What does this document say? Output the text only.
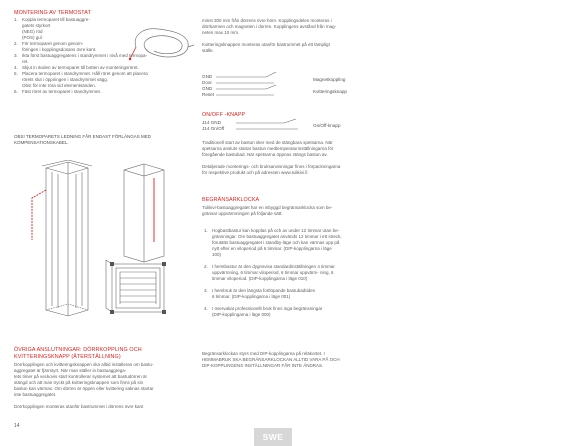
MONTERING AV TERMOSTAT
1. Koppla termoparet till bastuaggre-
gatets styrkort
(NEG) röd
(POS) gul
2. För termoparet genom genom-
föringen i kopplingsdosans övre kant.
3. Ikta först bastuaggregatens i standrymmet i nivå med termopa-
ret.
4. Skjut in änden av termoparet till botten av monteringsröret.
5. Placera termoparet i standrymmet. Håll röret genom att placera
rörets slut i öppningen i standrymmet vägg.
Obs! för inte röra vid elementsänden.
6. Fäst röret av termoparet i standrymmet.
OBS! TERMOPARETS LEDNING FÅR ENDAST FÖRLÄNGAS MED KOMPENSATIONSKABEL.
ÖVRIGA ANSLUTNINGAR: DÖRRKOPPLING OCH
KVITTERINGSKNAPP (ÅTERSTÄLLNING)
Dörrkopplingen och kvitteringsknappen ska alltid installeras om bastu-
aggregatet är fjärrstyrt. När man ställer in bastuaggrega-
tets timer på veckovis start kontrollerar systemet att bastudörren är
stängd och att man tryckt på kvitteringsknappen som finns på sin
bastun kan värmas. Om dörren är öppen eller kvittering saknas startar
inte bastuaggregatet.
Dörrkopplingen monteras utanför bastrummet i dörrens övre kant
14
minst 300 mm från dörrens övre hörn. Kopplingsdelen monteras i
dörrkarmen och magneten i dörren. Kopplingens avstånd från mag-
neten max 10 mm.
Kvitteringsknappen monteras utanför bastrummet på ett lämpligt
ställe.
GND
Door
GND
Reset
Magnetkoppling
Kvitteringsknapp
ON/OFF -KNAPP
J14 GND
J14 On/Off
On/Off-knapp
Traditionell start av bastun sker med de stängbara spetsarna. När
spetsarna ansluts startar bastun medtemperaturinställningarna för
föregående bastubad. När spetsarna öppnas stängs bastun av.
Detaljerade monterings- och bruksanvisningar finns i förpackningarna
för respektive produkt och på adressen www.tulikivi.fi
BEGRÄNSARKLOCKA
Tulikivi-bastuaggregatet har en inbyggd begränsarklocka som be-
gränsar uppvärmningen på följande sätt:
1. Hogbastbastur kan kopplas på och av under 12 timmar utan be-
gränsningar. Om bastuaggregatet används 12 timmar i ett streck,
förutätts bastuaggregatet i standby-läge och kan värmas upp på
nytt efter en viloperiod på 6 timmar. (DIP-kopplingarna i läge
100)
2. I hemtbastur är den dygnsvisa standardinställningen 4 timmar
uppvärmning, 6 timmar viloperiod, 6 timmar uppvärm- ning, 6
timmar viloperiod. (DIP-kopplingarna i läge 010)
3. I hembruk är den längsta fortlöpande bastubadtiden
6 timmar. (DIP-kopplingarna i läge 001)
4. I övervakat professionellt bruk finns inga begränsningar
(DIP-kopplingarna i läge 000)
Begränsarklockan styrs med DIP-kopplingarna på reläkortet. I
HEMMABRUK SKA BEGRÄNSARKLOCKAN ALLTID VARA PÅ OCH
DIP-KOPPLINGENS INSTÄLLNINGAR FÅR INTE ÄNDRAS.
SWE
